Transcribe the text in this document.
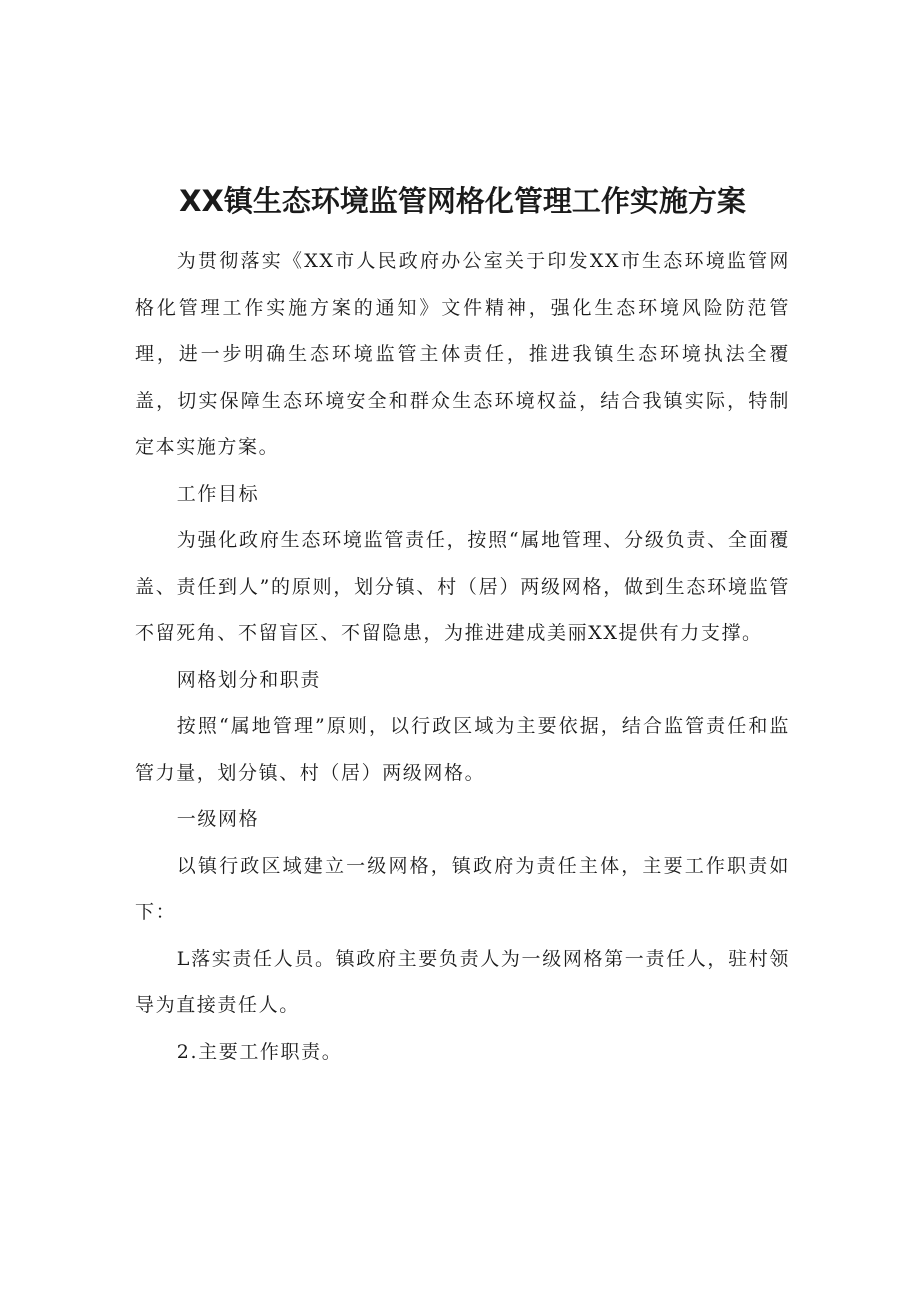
XX镇生态环境监管网格化管理工作实施方案

为贯彻落实《XX市人民政府办公室关于印发XX市生态环境监管网格化管理工作实施方案的通知》文件精神，强化生态环境风险防范管理，进一步明确生态环境监管主体责任，推进我镇生态环境执法全覆盖，切实保障生态环境安全和群众生态环境权益，结合我镇实际，特制定本实施方案。

工作目标

为强化政府生态环境监管责任，按照“属地管理、分级负责、全面覆盖、责任到人”的原则，划分镇、村（居）两级网格，做到生态环境监管不留死角、不留盲区、不留隐患，为推进建成美丽XX提供有力支撑。

网格划分和职责

按照“属地管理”原则，以行政区域为主要依据，结合监管责任和监管力量，划分镇、村（居）两级网格。

一级网格

以镇行政区域建立一级网格，镇政府为责任主体，主要工作职责如下：

L落实责任人员。镇政府主要负责人为一级网格第一责任人，驻村领导为直接责任人。

2.主要工作职责。
